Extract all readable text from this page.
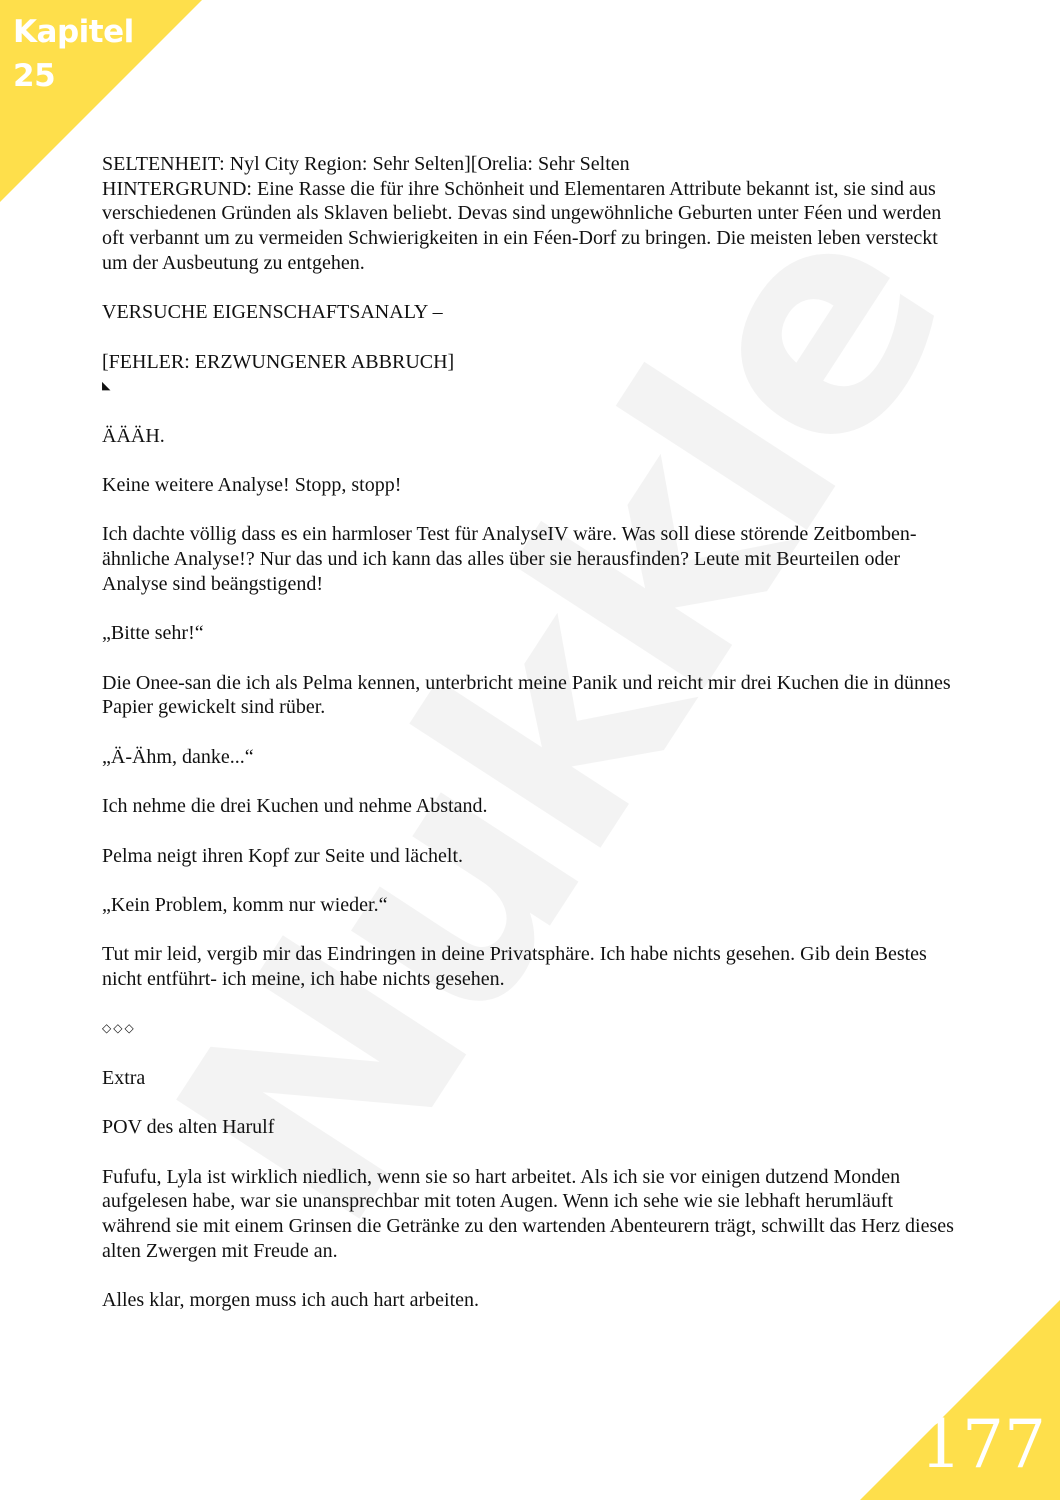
Kapitel
25

SELTENHEIT: Nyl City Region: Sehr Selten][Orelia: Sehr Selten

HINTERGRUND: Eine Rasse die für ihre Schönheit und Elementaren Attribute bekannt ist, sie sind aus verschiedenen Gründen als Sklaven beliebt. Devas sind ungewöhnliche Geburten unter Féen und werden oft verbannt um zu vermeiden Schwierigkeiten in ein Féen-Dorf zu bringen. Die meisten leben versteckt um der Ausbeutung zu entgehen.

VERSUCHE EIGENSCHAFTSANALY –

[FEHLER: ERZWUNGENER ABBRUCH]

◣

ÄÄÄH.

Keine weitere Analyse! Stopp, stopp!

Ich dachte völlig dass es ein harmloser Test für AnalyseIV wäre. Was soll diese störende Zeitbomben-ähnliche Analyse!? Nur das und ich kann das alles über sie herausfinden? Leute mit Beurteilen oder Analyse sind beängstigend!

„Bitte sehr!“

Die Onee-san die ich als Pelma kennen, unterbricht meine Panik und reicht mir drei Kuchen die in dünnes Papier gewickelt sind rüber.

„Ä-Ähm, danke...“

Ich nehme die drei Kuchen und nehme Abstand.

Pelma neigt ihren Kopf zur Seite und lächelt.

„Kein Problem, komm nur wieder.“

Tut mir leid, vergib mir das Eindringen in deine Privatsphäre. Ich habe nichts gesehen. Gib dein Bestes nicht entführt- ich meine, ich habe nichts gesehen.

◇◇◇

Extra

POV des alten Harulf

Fufufu, Lyla ist wirklich niedlich, wenn sie so hart arbeitet. Als ich sie vor einigen dutzend Monden aufgelesen habe, war sie unansprechbar mit toten Augen. Wenn ich sehe wie sie lebhaft herumläuft während sie mit einem Grinsen die Getränke zu den wartenden Abenteurern trägt, schwillt das Herz dieses alten Zwergen mit Freude an.

Alles klar, morgen muss ich auch hart arbeiten.

177
